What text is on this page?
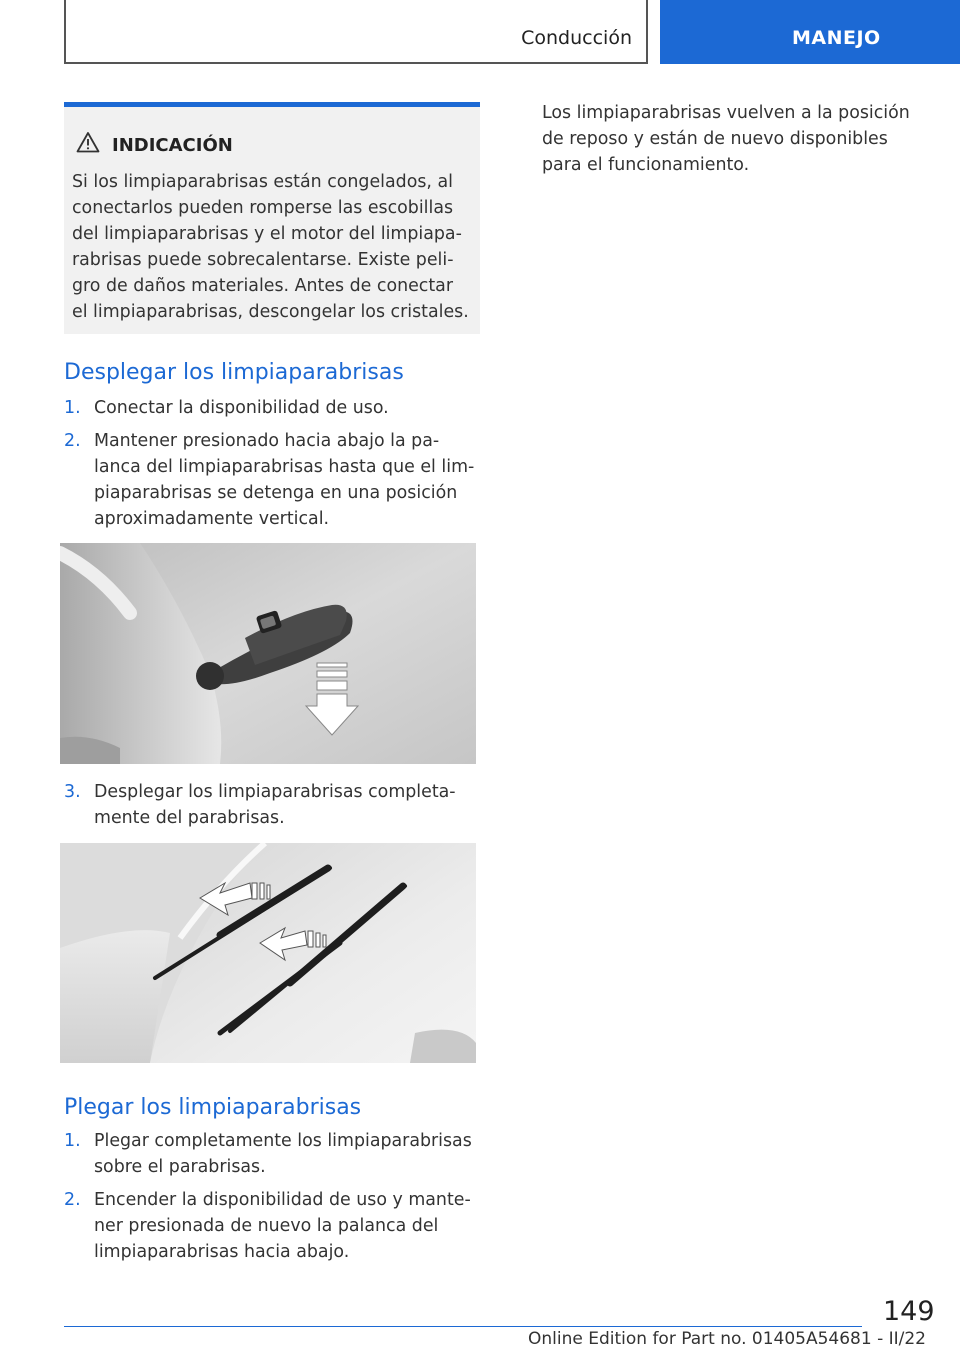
Conducción	MANEJO
INDICACIÓN
Si los limpiaparabrisas están congelados, al
conectarlos pueden romperse las escobillas
del limpiaparabrisas y el motor del limpiapa‐
rabrisas puede sobrecalentarse. Existe peli‐
gro de daños materiales. Antes de conectar
el limpiaparabrisas, descongelar los cristales.
Desplegar los limpiaparabrisas
1. Conectar la disponibilidad de uso.
2. Mantener presionado hacia abajo la pa‐
lanca del limpiaparabrisas hasta que el lim‐
piaparabrisas se detenga en una posición
aproximadamente vertical.
3. Desplegar los limpiaparabrisas completa‐
mente del parabrisas.
Plegar los limpiaparabrisas
1. Plegar completamente los limpiaparabrisas
sobre el parabrisas.
2. Encender la disponibilidad de uso y mante‐
ner presionada de nuevo la palanca del
limpiaparabrisas hacia abajo.
Los limpiaparabrisas vuelven a la posición
de reposo y están de nuevo disponibles
para el funcionamiento.
149
Online Edition for Part no. 01405A54681 - II/22
